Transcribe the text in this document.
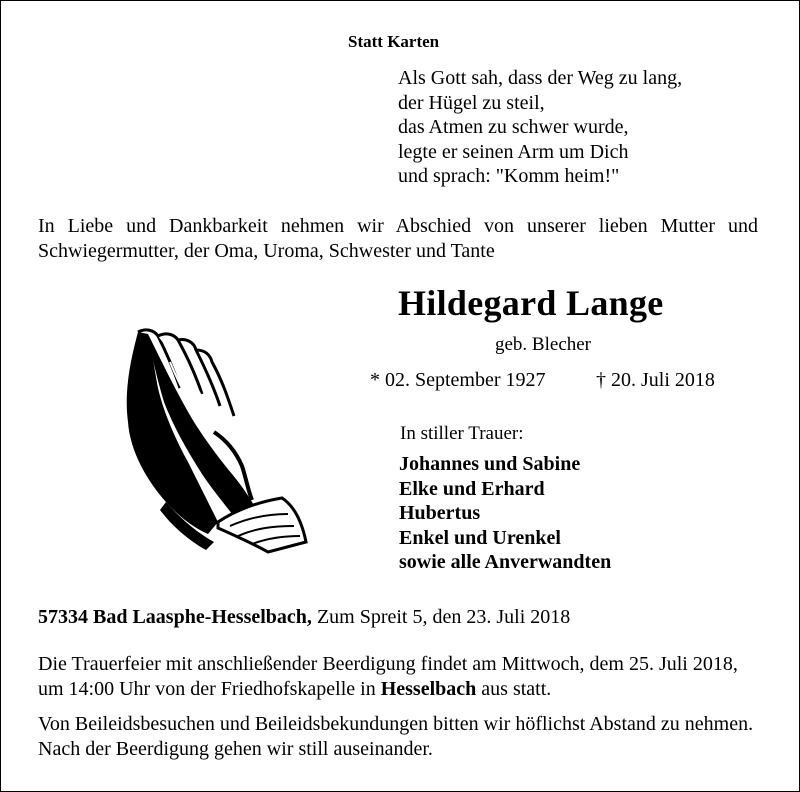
Statt Karten
Als Gott sah, dass der Weg zu lang,
der Hügel zu steil,
das Atmen zu schwer wurde,
legte er seinen Arm um Dich
und sprach: "Komm heim!"
In Liebe und Dankbarkeit nehmen wir Abschied von unserer lieben Mutter und Schwiegermutter, der Oma, Uroma, Schwester und Tante
Hildegard Lange
geb. Blecher
* 02. September 1927	† 20. Juli 2018
In stiller Trauer:
Johannes und Sabine
Elke und Erhard
Hubertus
Enkel und Urenkel
sowie alle Anverwandten
57334 Bad Laasphe-Hesselbach, Zum Spreit 5, den 23. Juli 2018
Die Trauerfeier mit anschließender Beerdigung findet am Mittwoch, dem 25. Juli 2018, um 14:00 Uhr von der Friedhofskapelle in Hesselbach aus statt.
Von Beileidsbesuchen und Beileidsbekundungen bitten wir höflichst Abstand zu nehmen. Nach der Beerdigung gehen wir still auseinander.
